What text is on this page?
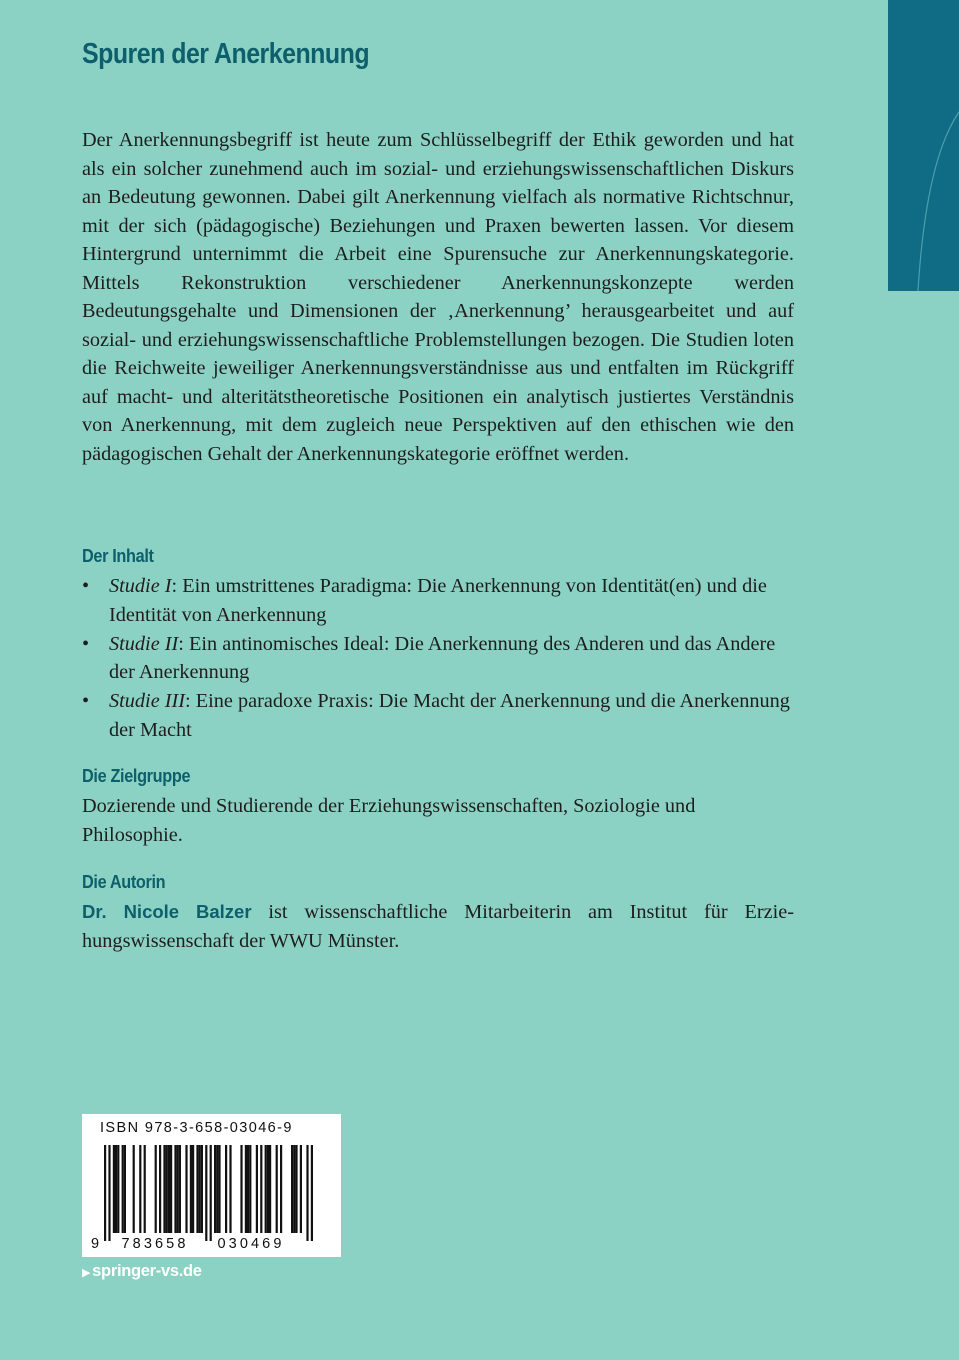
Spuren der Anerkennung

Der Anerkennungsbegriff ist heute zum Schlüsselbegriff der Ethik geworden und hat als ein solcher zunehmend auch im sozial- und erziehungswissenschaftlichen Diskurs an Bedeutung gewonnen. Dabei gilt Anerkennung vielfach als normative Richtschnur, mit der sich (pädagogische) Beziehungen und Praxen bewerten lassen. Vor diesem Hintergrund unternimmt die Arbeit eine Spurensuche zur Anerkennungskategorie. Mittels Rekonstruktion verschiedener Anerkennungskonzepte werden Bedeutungsgehalte und Dimensionen der ‚Anerkennung’ herausgearbeitet und auf sozial- und erziehungswissenschaftliche Problemstellungen bezogen. Die Studien loten die Reichweite jeweiliger Anerkennungsverständnisse aus und entfalten im Rückgriff auf macht- und alteritätstheoretische Positionen ein analytisch justiertes Verständnis von Anerkennung, mit dem zugleich neue Perspektiven auf den ethischen wie den pädagogischen Gehalt der Anerkennungskategorie eröffnet werden.

Der Inhalt
• Studie I: Ein umstrittenes Paradigma: Die Anerkennung von Identität(en) und die Identität von Anerkennung
• Studie II: Ein antinomisches Ideal: Die Anerkennung des Anderen und das Andere der Anerkennung
• Studie III: Eine paradoxe Praxis: Die Macht der Anerkennung und die Anerkennung der Macht
Die Zielgruppe

Dozierende und Studierende der Erziehungswissenschaften, Soziologie und Philosophie.

Die Autorin

Dr. Nicole Balzer ist wissenschaftliche Mitarbeiterin am Institut für Erziehungswissenschaft der WWU Münster.

ISBN 978-3-658-03046-9

9	783658	030469

▶ springer-vs.de
